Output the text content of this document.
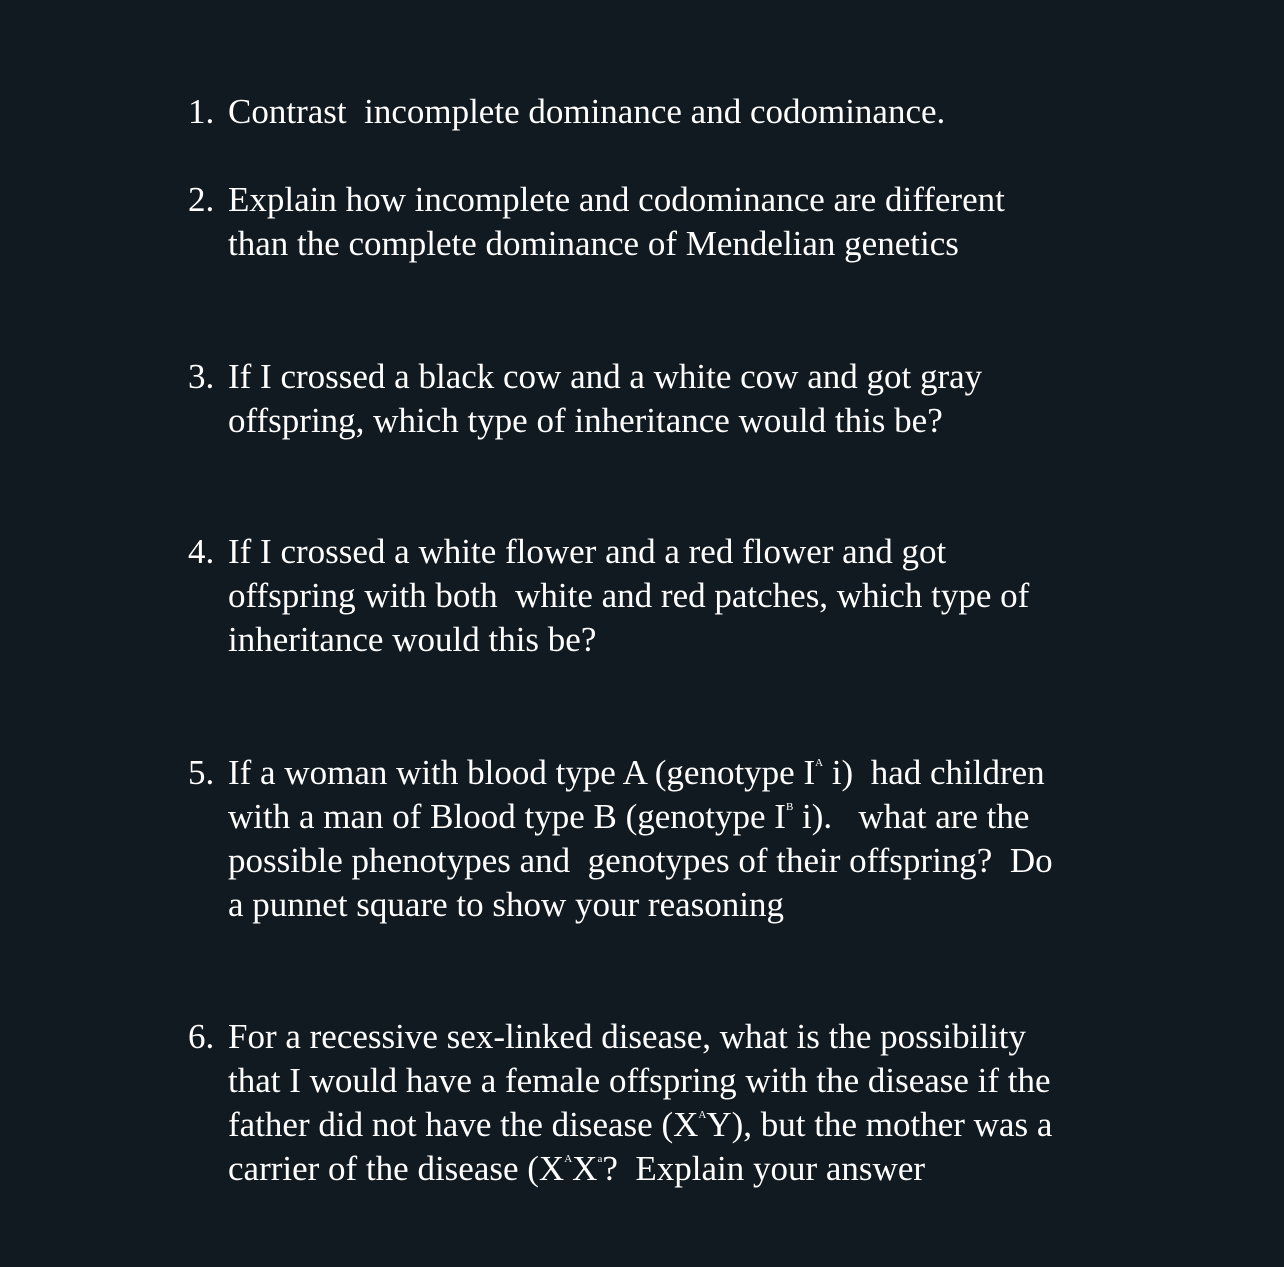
1. Contrast  incomplete dominance and codominance.
2. Explain how incomplete and codominance are different
than the complete dominance of Mendelian genetics
3. If I crossed a black cow and a white cow and got gray
offspring, which type of inheritance would this be?
4. If I crossed a white flower and a red flower and got
offspring with both  white and red patches, which type of
inheritance would this be?
5. If a woman with blood type A (genotype $I^A$ i)  had children
with a man of Blood type B (genotype $I^B$ i).   what are the
possible phenotypes and  genotypes of their offspring?  Do
a punnet square to show your reasoning
6. For a recessive sex-linked disease, what is the possibility
that I would have a female offspring with the disease if the
father did not have the disease $(X^AY)$, but the mother was a
carrier of the disease ($X^AX^a$?  Explain your answer
